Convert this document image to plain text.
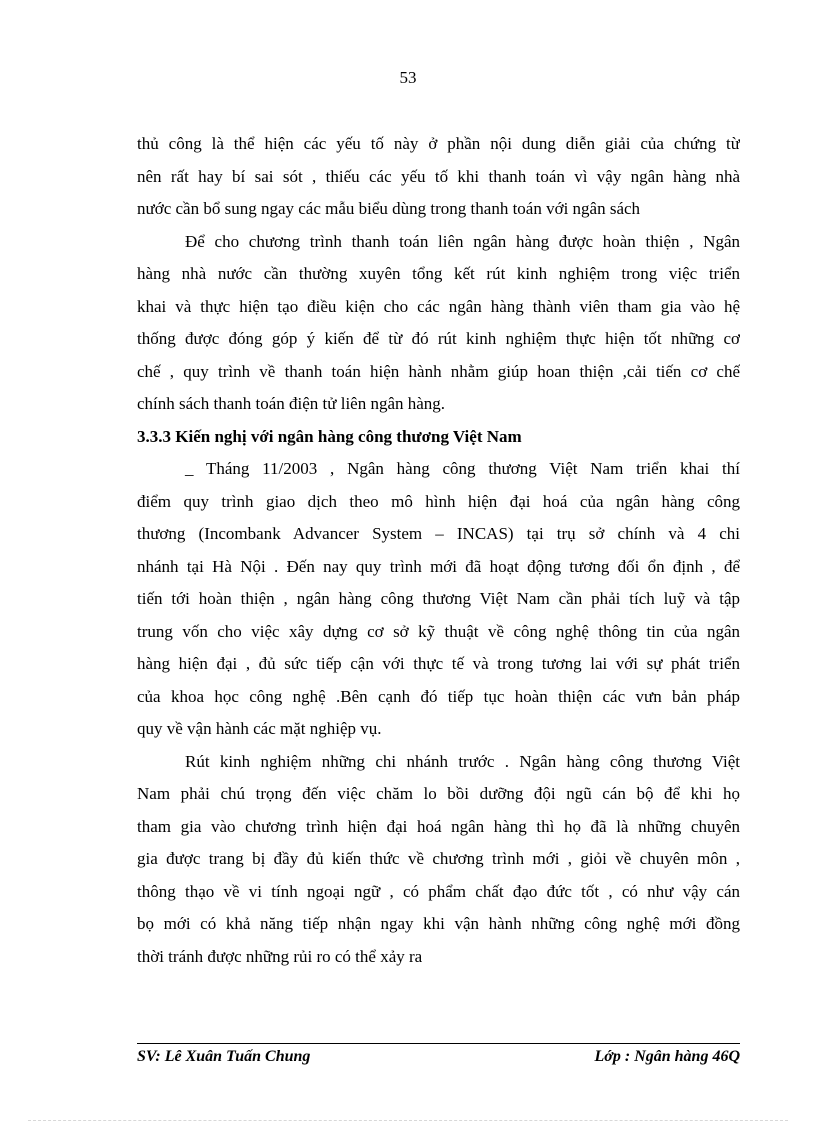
53
thủ công là thể hiện các yếu tố này ở phần nội dung diễn giải của chứng từ
nên rất hay bí sai sót , thiếu các yếu tố khi thanh toán vì vậy ngân hàng nhà
nước cần bổ sung ngay các mẫu biểu dùng trong thanh toán với ngân sách
Để cho chương trình thanh toán liên ngân hàng được hoàn thiện , Ngân
hàng nhà nước cần thường xuyên tổng kết rút kinh nghiệm trong việc triển
khai và thực hiện tạo điều kiện cho các ngân hàng thành viên tham gia vào hệ
thống được đóng góp ý kiến để từ đó rút kinh nghiệm thực hiện tốt những cơ
chế , quy trình về thanh toán hiện hành nhằm giúp hoan thiện ,cải tiến cơ chế
chính sách thanh toán điện tử liên ngân hàng.
3.3.3 Kiến nghị với ngân hàng công thương Việt Nam
_ Tháng 11/2003 , Ngân hàng công thương Việt Nam triển khai thí
điểm quy trình giao dịch theo mô hình hiện đại hoá của ngân hàng công
thương (Incombank Advancer System – INCAS) tại trụ sở chính và 4 chi
nhánh tại Hà Nội . Đến nay quy trình mới đã hoạt động tương đối ổn định , để
tiến tới hoàn thiện , ngân hàng công thương Việt Nam cần phải tích luỹ và tập
trung vốn cho việc xây dựng cơ sở kỹ thuật về công nghệ thông tin của ngân
hàng hiện đại , đủ sức tiếp cận với thực tế và trong tương lai với sự phát triển
của khoa học công nghệ .Bên cạnh đó tiếp tục hoàn thiện các vưn bản pháp
quy về vận hành các mặt nghiệp vụ.
Rút kinh nghiệm những chi nhánh trước . Ngân hàng công thương Việt
Nam phải chú trọng đến việc chăm lo bồi dưỡng đội ngũ cán bộ để khi họ
tham gia vào chương trình hiện đại hoá ngân hàng thì họ đã là những chuyên
gia được trang bị đầy đủ kiến thức về chương trình mới , giỏi về chuyên môn ,
thông thạo về vi tính ngoại ngữ , có phẩm chất đạo đức tốt , có như vậy cán
bọ mới có khả năng tiếp nhận ngay khi vận hành những công nghệ mới đồng
thời tránh được những rủi ro có thể xảy ra
SV: Lê Xuân Tuấn Chung	Lớp : Ngân hàng 46Q
